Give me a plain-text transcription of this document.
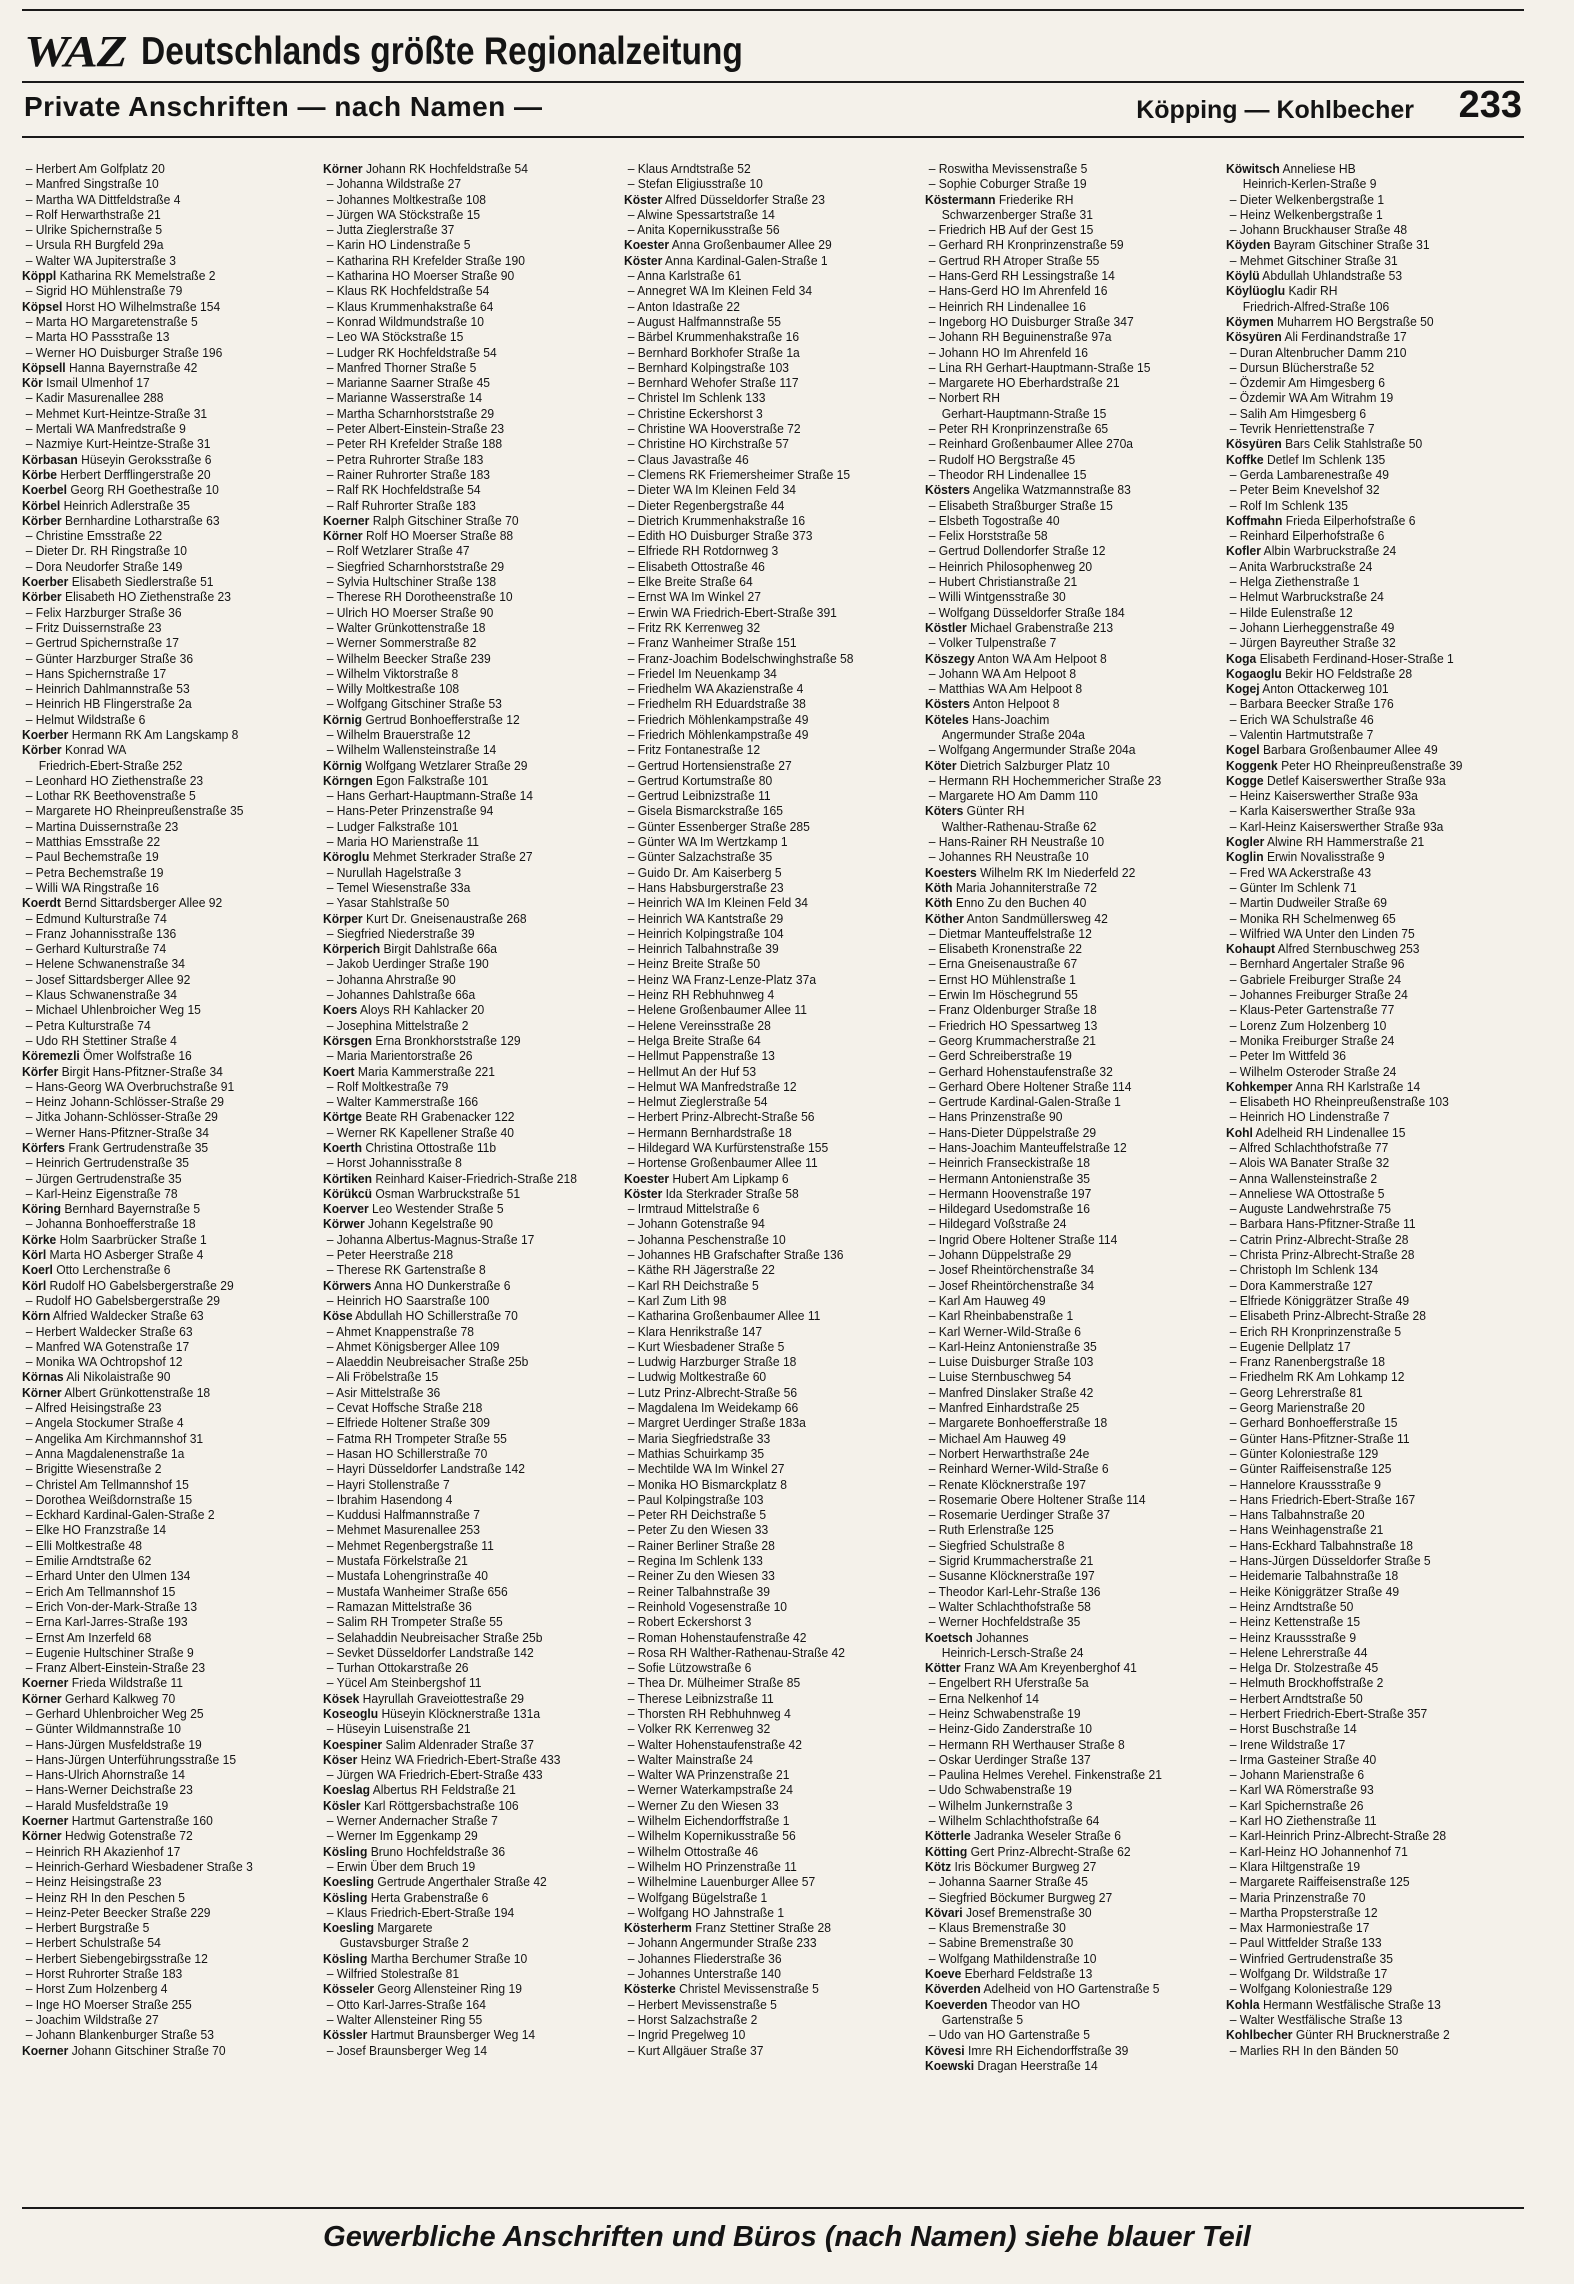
WAZ Deutschlands größte Regionalzeitung
Private Anschriften — nach Namen —	Köpping — Kohlbecher 233
– Herbert Am Golfplatz 20
– Manfred Singstraße 10
– Martha WA Dittfeldstraße 4
– Rolf Herwarthstraße 21
– Ulrike Spichernstraße 5
– Ursula RH Burgfeld 29a
– Walter WA Jupiterstraße 3
Köppl Katharina RK Memelstraße 2
– Sigrid HO Mühlenstraße 79
Köpsel Horst HO Wilhelmstraße 154
– Marta HO Margaretenstraße 5
– Marta HO Passstraße 13
– Werner HO Duisburger Straße 196
Köpsell Hanna Bayernstraße 42
Kör Ismail Ulmenhof 17
– Kadir Masurenallee 288
– Mehmet Kurt-Heintze-Straße 31
– Mertali WA Manfredstraße 9
– Nazmiye Kurt-Heintze-Straße 31
Körbasan Hüseyin Geroksstraße 6
Körbe Herbert Derfflingerstraße 20
Koerbel Georg RH Goethestraße 10
Körbel Heinrich Adlerstraße 35
Körber Bernhardine Lotharstraße 63
– Christine Emsstraße 22
– Dieter Dr. RH Ringstraße 10
– Dora Neudorfer Straße 149
Koerber Elisabeth Siedlerstraße 51
Körber Elisabeth HO Ziethenstraße 23
– Felix Harzburger Straße 36
– Fritz Duissernstraße 23
– Gertrud Spichernstraße 17
– Günter Harzburger Straße 36
– Hans Spichernstraße 17
– Heinrich Dahlmannstraße 53
– Heinrich HB Flingerstraße 2a
– Helmut Wildstraße 6
Koerber Hermann RK Am Langskamp 8
Körber Konrad WA
Friedrich-Ebert-Straße 252
– Leonhard HO Ziethenstraße 23
– Lothar RK Beethovenstraße 5
– Margarete HO Rheinpreußenstraße 35
– Martina Duissernstraße 23
– Matthias Emsstraße 22
– Paul Bechemstraße 19
– Petra Bechemstraße 19
– Willi WA Ringstraße 16
Koerdt Bernd Sittardsberger Allee 92
– Edmund Kulturstraße 74
– Franz Johannisstraße 136
– Gerhard Kulturstraße 74
– Helene Schwanenstraße 34
– Josef Sittardsberger Allee 92
– Klaus Schwanenstraße 34
– Michael Uhlenbroicher Weg 15
– Petra Kulturstraße 74
– Udo RH Stettiner Straße 4
Köremezli Ömer Wolfstraße 16
Körfer Birgit Hans-Pfitzner-Straße 34
– Hans-Georg WA Overbruchstraße 91
– Heinz Johann-Schlösser-Straße 29
– Jitka Johann-Schlösser-Straße 29
– Werner Hans-Pfitzner-Straße 34
Körfers Frank Gertrudenstraße 35
– Heinrich Gertrudenstraße 35
– Jürgen Gertrudenstraße 35
– Karl-Heinz Eigenstraße 78
Köring Bernhard Bayernstraße 5
– Johanna Bonhoefferstraße 18
Körke Holm Saarbrücker Straße 1
Körl Marta HO Asberger Straße 4
Koerl Otto Lerchenstraße 6
Körl Rudolf HO Gabelsbergerstraße 29
– Rudolf HO Gabelsbergerstraße 29
Körn Alfried Waldecker Straße 63
– Herbert Waldecker Straße 63
– Manfred WA Gotenstraße 17
– Monika WA Ochtropshof 12
Körnas Ali Nikolaistraße 90
Körner Albert Grünkottenstraße 18
– Alfred Heisingstraße 23
– Angela Stockumer Straße 4
– Angelika Am Kirchmannshof 31
– Anna Magdalenenstraße 1a
– Brigitte Wiesenstraße 2
– Christel Am Tellmannshof 15
– Dorothea Weißdornstraße 15
– Eckhard Kardinal-Galen-Straße 2
– Elke HO Franzstraße 14
– Elli Moltkestraße 48
– Emilie Arndtstraße 62
– Erhard Unter den Ulmen 134
– Erich Am Tellmannshof 15
– Erich Von-der-Mark-Straße 13
– Erna Karl-Jarres-Straße 193
– Ernst Am Inzerfeld 68
– Eugenie Hultschiner Straße 9
– Franz Albert-Einstein-Straße 23
Koerner Frieda Wildstraße 11
Körner Gerhard Kalkweg 70
– Gerhard Uhlenbroicher Weg 25
– Günter Wildmannstraße 10
– Hans-Jürgen Musfeldstraße 19
– Hans-Jürgen Unterführungsstraße 15
– Hans-Ulrich Ahornstraße 14
– Hans-Werner Deichstraße 23
– Harald Musfeldstraße 19
Koerner Hartmut Gartenstraße 160
Körner Hedwig Gotenstraße 72
– Heinrich RH Akazienhof 17
– Heinrich-Gerhard Wiesbadener Straße 3
– Heinz Heisingstraße 23
– Heinz RH In den Peschen 5
– Heinz-Peter Beecker Straße 229
– Herbert Burgstraße 5
– Herbert Schulstraße 54
– Herbert Siebengebirgsstraße 12
– Horst Ruhrorter Straße 183
– Horst Zum Holzenberg 4
– Inge HO Moerser Straße 255
– Joachim Wildstraße 27
– Johann Blankenburger Straße 53
Koerner Johann Gitschiner Straße 70
Körner Johann RK Hochfeldstraße 54
– Johanna Wildstraße 27
– Johannes Moltkestraße 108
– Jürgen WA Stöckstraße 15
– Jutta Zieglerstraße 37
– Karin HO Lindenstraße 5
– Katharina RH Krefelder Straße 190
– Katharina HO Moerser Straße 90
– Klaus RK Hochfeldstraße 54
– Klaus Krummenhakstraße 64
– Konrad Wildmundstraße 10
– Leo WA Stöckstraße 15
– Ludger RK Hochfeldstraße 54
– Manfred Thorner Straße 5
– Marianne Saarner Straße 45
– Marianne Wasserstraße 14
– Martha Scharnhorststraße 29
– Peter Albert-Einstein-Straße 23
– Peter RH Krefelder Straße 188
– Petra Ruhrorter Straße 183
– Rainer Ruhrorter Straße 183
– Ralf RK Hochfeldstraße 54
– Ralf Ruhrorter Straße 183
Koerner Ralph Gitschiner Straße 70
Körner Rolf HO Moerser Straße 88
– Rolf Wetzlarer Straße 47
– Siegfried Scharnhorststraße 29
– Sylvia Hultschiner Straße 138
– Therese RH Dorotheenstraße 10
– Ulrich HO Moerser Straße 90
– Walter Grünkottenstraße 18
– Werner Sommerstraße 82
– Wilhelm Beecker Straße 239
– Wilhelm Viktorstraße 8
– Willy Moltkestraße 108
– Wolfgang Gitschiner Straße 53
Körnig Gertrud Bonhoefferstraße 12
– Wilhelm Brauerstraße 12
– Wilhelm Wallensteinstraße 14
Körnig Wolfgang Wetzlarer Straße 29
Körngen Egon Falkstraße 101
– Hans Gerhart-Hauptmann-Straße 14
– Hans-Peter Prinzenstraße 94
– Ludger Falkstraße 101
– Maria HO Marienstraße 11
Köroglu Mehmet Sterkrader Straße 27
– Nurullah Hagelstraße 3
– Temel Wiesenstraße 33a
– Yasar Stahlstraße 50
Körper Kurt Dr. Gneisenaustraße 268
– Siegfried Niederstraße 39
Körperich Birgit Dahlstraße 66a
– Jakob Uerdinger Straße 190
– Johanna Ahrstraße 90
– Johannes Dahlstraße 66a
Koers Aloys RH Kahlacker 20
– Josephina Mittelstraße 2
Körsgen Erna Bronkhorststraße 129
– Maria Marientorstraße 26
Koert Maria Kammerstraße 221
– Rolf Moltkestraße 79
– Walter Kammerstraße 166
Körtge Beate RH Grabenacker 122
– Werner RK Kapellener Straße 40
Koerth Christina Ottostraße 11b
– Horst Johannisstraße 8
Körtiken Reinhard Kaiser-Friedrich-Straße 218
Körükcü Osman Warbruckstraße 51
Koerver Leo Westender Straße 5
Körwer Johann Kegelstraße 90
– Johanna Albertus-Magnus-Straße 17
– Peter Heerstraße 218
– Therese RK Gartenstraße 8
Körwers Anna HO Dunkerstraße 6
– Heinrich HO Saarstraße 100
Köse Abdullah HO Schillerstraße 70
– Ahmet Knappenstraße 78
– Ahmet Königsberger Allee 109
– Alaeddin Neubreisacher Straße 25b
– Ali Fröbelstraße 15
– Asir Mittelstraße 36
– Cevat Hoffsche Straße 218
– Elfriede Holtener Straße 309
– Fatma RH Trompeter Straße 55
– Hasan HO Schillerstraße 70
– Hayri Düsseldorfer Landstraße 142
– Hayri Stollenstraße 7
– Ibrahim Hasendong 4
– Kuddusi Halfmannstraße 7
– Mehmet Masurenallee 253
– Mehmet Regenbergstraße 11
– Mustafa Förkelstraße 21
– Mustafa Lohengrinstraße 40
– Mustafa Wanheimer Straße 656
– Ramazan Mittelstraße 36
– Salim RH Trompeter Straße 55
– Selahaddin Neubreisacher Straße 25b
– Sevket Düsseldorfer Landstraße 142
– Turhan Ottokarstraße 26
– Yücel Am Steinbergshof 11
Kösek Hayrullah Graveiottestraße 29
Koseoglu Hüseyin Klöcknerstraße 131a
– Hüseyin Luisenstraße 21
Koespiner Salim Aldenrader Straße 37
Köser Heinz WA Friedrich-Ebert-Straße 433
– Jürgen WA Friedrich-Ebert-Straße 433
Koeslag Albertus RH Feldstraße 21
Kösler Karl Röttgersbachstraße 106
– Werner Andernacher Straße 7
– Werner Im Eggenkamp 29
Kösling Bruno Hochfeldstraße 36
– Erwin Über dem Bruch 19
Koesling Gertrude Angerthaler Straße 42
Kösling Herta Grabenstraße 6
– Klaus Friedrich-Ebert-Straße 194
Koesling Margarete
Gustavsburger Straße 2
Kösling Martha Berchumer Straße 10
– Wilfried Stolestraße 81
Kösseler Georg Allensteiner Ring 19
– Otto Karl-Jarres-Straße 164
– Walter Allensteiner Ring 55
Kössler Hartmut Braunsberger Weg 14
– Josef Braunsberger Weg 14
– Klaus Arndtstraße 52
– Stefan Eligiusstraße 10
Köster Alfred Düsseldorfer Straße 23
– Alwine Spessartstraße 14
– Anita Kopernikusstraße 56
Koester Anna Großenbaumer Allee 29
Köster Anna Kardinal-Galen-Straße 1
– Anna Karlstraße 61
– Annegret WA Im Kleinen Feld 34
– Anton Idastraße 22
– August Halfmannstraße 55
– Bärbel Krummenhakstraße 16
– Bernhard Borkhofer Straße 1a
– Bernhard Kolpingstraße 103
– Bernhard Wehofer Straße 117
– Christel Im Schlenk 133
– Christine Eckershorst 3
– Christine WA Hooverstraße 72
– Christine HO Kirchstraße 57
– Claus Javastraße 46
– Clemens RK Friemersheimer Straße 15
– Dieter WA Im Kleinen Feld 34
– Dieter Regenbergstraße 44
– Dietrich Krummenhakstraße 16
– Edith HO Duisburger Straße 373
– Elfriede RH Rotdornweg 3
– Elisabeth Ottostraße 46
– Elke Breite Straße 64
– Ernst WA Im Winkel 27
– Erwin WA Friedrich-Ebert-Straße 391
– Fritz RK Kerrenweg 32
– Franz Wanheimer Straße 151
– Franz-Joachim Bodelschwinghstraße 58
– Friedel Im Neuenkamp 34
– Friedhelm WA Akazienstraße 4
– Friedhelm RH Eduardstraße 38
– Friedrich Möhlenkampstraße 49
– Friedrich Möhlenkampstraße 49
– Fritz Fontanestraße 12
– Gertrud Hortensienstraße 27
– Gertrud Kortumstraße 80
– Gertrud Leibnizstraße 11
– Gisela Bismarckstraße 165
– Günter Essenberger Straße 285
– Günter WA Im Wertzkamp 1
– Günter Salzachstraße 35
– Guido Dr. Am Kaiserberg 5
– Hans Habsburgerstraße 23
– Heinrich WA Im Kleinen Feld 34
– Heinrich WA Kantstraße 29
– Heinrich Kolpingstraße 104
– Heinrich Talbahnstraße 39
– Heinz Breite Straße 50
– Heinz WA Franz-Lenze-Platz 37a
– Heinz RH Rebhuhnweg 4
– Helene Großenbaumer Allee 11
– Helene Vereinsstraße 28
– Helga Breite Straße 64
– Hellmut Pappenstraße 13
– Hellmut An der Huf 53
– Helmut WA Manfredstraße 12
– Helmut Zieglerstraße 54
– Herbert Prinz-Albrecht-Straße 56
– Hermann Bernhardstraße 18
– Hildegard WA Kurfürstenstraße 155
– Hortense Großenbaumer Allee 11
Koester Hubert Am Lipkamp 6
Köster Ida Sterkrader Straße 58
– Irmtraud Mittelstraße 6
– Johann Gotenstraße 94
– Johanna Peschenstraße 10
– Johannes HB Grafschafter Straße 136
– Käthe RH Jägerstraße 22
– Karl RH Deichstraße 5
– Karl Zum Lith 98
– Katharina Großenbaumer Allee 11
– Klara Henrikstraße 147
– Kurt Wiesbadener Straße 5
– Ludwig Harzburger Straße 18
– Ludwig Moltkestraße 60
– Lutz Prinz-Albrecht-Straße 56
– Magdalena Im Weidekamp 66
– Margret Uerdinger Straße 183a
– Maria Siegfriedstraße 33
– Mathias Schuirkamp 35
– Mechtilde WA Im Winkel 27
– Monika HO Bismarckplatz 8
– Paul Kolpingstraße 103
– Peter RH Deichstraße 5
– Peter Zu den Wiesen 33
– Rainer Berliner Straße 28
– Regina Im Schlenk 133
– Reiner Zu den Wiesen 33
– Reiner Talbahnstraße 39
– Reinhold Vogesenstraße 10
– Robert Eckershorst 3
– Roman Hohenstaufenstraße 42
– Rosa RH Walther-Rathenau-Straße 42
– Sofie Lützowstraße 6
– Thea Dr. Mülheimer Straße 85
– Therese Leibnizstraße 11
– Thorsten RH Rebhuhnweg 4
– Volker RK Kerrenweg 32
– Walter Hohenstaufenstraße 42
– Walter Mainstraße 24
– Walter WA Prinzenstraße 21
– Werner Waterkampstraße 24
– Werner Zu den Wiesen 33
– Wilhelm Eichendorffstraße 1
– Wilhelm Kopernikusstraße 56
– Wilhelm Ottostraße 46
– Wilhelm HO Prinzenstraße 11
– Wilhelmine Lauenburger Allee 57
– Wolfgang Bügelstraße 1
– Wolfgang HO Jahnstraße 1
Kösterherm Franz Stettiner Straße 28
– Johann Angermunder Straße 233
– Johannes Fliederstraße 36
– Johannes Unterstraße 140
Kösterke Christel Mevissenstraße 5
– Herbert Mevissenstraße 5
– Horst Salzachstraße 2
– Ingrid Pregelweg 10
– Kurt Allgäuer Straße 37
– Roswitha Mevissenstraße 5
– Sophie Coburger Straße 19
Köstermann Friederike RH
Schwarzenberger Straße 31
– Friedrich HB Auf der Gest 15
– Gerhard RH Kronprinzenstraße 59
– Gertrud RH Atroper Straße 55
– Hans-Gerd RH Lessingstraße 14
– Hans-Gerd HO Im Ahrenfeld 16
– Heinrich RH Lindenallee 16
– Ingeborg HO Duisburger Straße 347
– Johann RH Beguinenstraße 97a
– Johann HO Im Ahrenfeld 16
– Lina RH Gerhart-Hauptmann-Straße 15
– Margarete HO Eberhardstraße 21
– Norbert RH
Gerhart-Hauptmann-Straße 15
– Peter RH Kronprinzenstraße 65
– Reinhard Großenbaumer Allee 270a
– Rudolf HO Bergstraße 45
– Theodor RH Lindenallee 15
Kösters Angelika Watzmannstraße 83
– Elisabeth Straßburger Straße 15
– Elsbeth Togostraße 40
– Felix Horststraße 58
– Gertrud Dollendorfer Straße 12
– Heinrich Philosophenweg 20
– Hubert Christianstraße 21
– Willi Wintgensstraße 30
– Wolfgang Düsseldorfer Straße 184
Köstler Michael Grabenstraße 213
– Volker Tulpenstraße 7
Köszegy Anton WA Am Helpoot 8
– Johann WA Am Helpoot 8
– Matthias WA Am Helpoot 8
Kösters Anton Helpoot 8
Köteles Hans-Joachim
Angermunder Straße 204a
– Wolfgang Angermunder Straße 204a
Köter Dietrich Salzburger Platz 10
– Hermann RH Hochemmericher Straße 23
– Margarete HO Am Damm 110
Köters Günter RH
Walther-Rathenau-Straße 62
– Hans-Rainer RH Neustraße 10
– Johannes RH Neustraße 10
Koesters Wilhelm RK Im Niederfeld 22
Köth Maria Johanniterstraße 72
Köth Enno Zu den Buchen 40
Köther Anton Sandmüllersweg 42
– Dietmar Manteuffelstraße 12
– Elisabeth Kronenstraße 22
– Erna Gneisenaustraße 67
– Ernst HO Mühlenstraße 1
– Erwin Im Höschegrund 55
– Franz Oldenburger Straße 18
– Friedrich HO Spessartweg 13
– Georg Krummacherstraße 21
– Gerd Schreiberstraße 19
– Gerhard Hohenstaufenstraße 32
– Gerhard Obere Holtener Straße 114
– Gertrude Kardinal-Galen-Straße 1
– Hans Prinzenstraße 90
– Hans-Dieter Düppelstraße 29
– Hans-Joachim Manteuffelstraße 12
– Heinrich Franseckistraße 18
– Hermann Antonienstraße 35
– Hermann Hoovenstraße 197
– Hildegard Usedomstraße 16
– Hildegard Voßstraße 24
– Ingrid Obere Holtener Straße 114
– Johann Düppelstraße 29
– Josef Rheintörchenstraße 34
– Josef Rheintörchenstraße 34
– Karl Am Hauweg 49
– Karl Rheinbabenstraße 1
– Karl Werner-Wild-Straße 6
– Karl-Heinz Antonienstraße 35
– Luise Duisburger Straße 103
– Luise Sternbuschweg 54
– Manfred Dinslaker Straße 42
– Manfred Einhardstraße 25
– Margarete Bonhoefferstraße 18
– Michael Am Hauweg 49
– Norbert Herwarthstraße 24e
– Reinhard Werner-Wild-Straße 6
– Renate Klöcknerstraße 197
– Rosemarie Obere Holtener Straße 114
– Rosemarie Uerdinger Straße 37
– Ruth Erlenstraße 125
– Siegfried Schulstraße 8
– Sigrid Krummacherstraße 21
– Susanne Klöcknerstraße 197
– Theodor Karl-Lehr-Straße 136
– Walter Schlachthofstraße 58
– Werner Hochfeldstraße 35
Koetsch Johannes
Heinrich-Lersch-Straße 24
Kötter Franz WA Am Kreyenberghof 41
– Engelbert RH Uferstraße 5a
– Erna Nelkenhof 14
– Heinz Schwabenstraße 19
– Heinz-Gido Zanderstraße 10
– Hermann RH Werthauser Straße 8
– Oskar Uerdinger Straße 137
– Paulina Helmes Verehel. Finkenstraße 21
– Udo Schwabenstraße 19
– Wilhelm Junkernstraße 3
– Wilhelm Schlachthofstraße 64
Kötterle Jadranka Weseler Straße 6
Kötting Gert Prinz-Albrecht-Straße 62
Kötz Iris Böckumer Burgweg 27
– Johanna Saarner Straße 45
– Siegfried Böckumer Burgweg 27
Kövari Josef Bremenstraße 30
– Klaus Bremenstraße 30
– Sabine Bremenstraße 30
– Wolfgang Mathildenstraße 10
Koeve Eberhard Feldstraße 13
Köverden Adelheid von HO Gartenstraße 5
Koeverden Theodor van HO
Gartenstraße 5
– Udo van HO Gartenstraße 5
Kövesi Imre RH Eichendorffstraße 39
Koewski Dragan Heerstraße 14
Köwitsch Anneliese HB
Heinrich-Kerlen-Straße 9
– Dieter Welkenbergstraße 1
– Heinz Welkenbergstraße 1
– Johann Bruckhauser Straße 48
Köyden Bayram Gitschiner Straße 31
– Mehmet Gitschiner Straße 31
Köylü Abdullah Uhlandstraße 53
Köylüoglu Kadir RH
Friedrich-Alfred-Straße 106
Köymen Muharrem HO Bergstraße 50
Kösyüren Ali Ferdinandstraße 17
– Duran Altenbrucher Damm 210
– Dursun Blücherstraße 52
– Özdemir Am Himgesberg 6
– Özdemir WA Am Witrahm 19
– Salih Am Himgesberg 6
– Tevrik Henriettenstraße 7
Kösyüren Bars Celik Stahlstraße 50
Koffke Detlef Im Schlenk 135
– Gerda Lambarenestraße 49
– Peter Beim Knevelshof 32
– Rolf Im Schlenk 135
Koffmahn Frieda Eilperhofstraße 6
– Reinhard Eilperhofstraße 6
Kofler Albin Warbruckstraße 24
– Anita Warbruckstraße 24
– Helga Ziethenstraße 1
– Helmut Warbruckstraße 24
– Hilde Eulenstraße 12
– Johann Lierheggenstraße 49
– Jürgen Bayreuther Straße 32
Koga Elisabeth Ferdinand-Hoser-Straße 1
Kogaoglu Bekir HO Feldstraße 28
Kogej Anton Ottackerweg 101
– Barbara Beecker Straße 176
– Erich WA Schulstraße 46
– Valentin Hartmutstraße 7
Kogel Barbara Großenbaumer Allee 49
Koggenk Peter HO Rheinpreußenstraße 39
Kogge Detlef Kaiserswerther Straße 93a
– Heinz Kaiserswerther Straße 93a
– Karla Kaiserswerther Straße 93a
– Karl-Heinz Kaiserswerther Straße 93a
Kogler Alwine RH Hammerstraße 21
Koglin Erwin Novalisstraße 9
– Fred WA Ackerstraße 43
– Günter Im Schlenk 71
– Martin Dudweiler Straße 69
– Monika RH Schelmenweg 65
– Wilfried WA Unter den Linden 75
Kohaupt Alfred Sternbuschweg 253
– Bernhard Angertaler Straße 96
– Gabriele Freiburger Straße 24
– Johannes Freiburger Straße 24
– Klaus-Peter Gartenstraße 77
– Lorenz Zum Holzenberg 10
– Monika Freiburger Straße 24
– Peter Im Wittfeld 36
– Wilhelm Osteroder Straße 24
Kohkemper Anna RH Karlstraße 14
– Elisabeth HO Rheinpreußenstraße 103
– Heinrich HO Lindenstraße 7
Kohl Adelheid RH Lindenallee 15
– Alfred Schlachthofstraße 77
– Alois WA Banater Straße 32
– Anna Wallensteinstraße 2
– Anneliese WA Ottostraße 5
– Auguste Landwehrstraße 75
– Barbara Hans-Pfitzner-Straße 11
– Catrin Prinz-Albrecht-Straße 28
– Christa Prinz-Albrecht-Straße 28
– Christoph Im Schlenk 134
– Dora Kammerstraße 127
– Elfriede Königgrätzer Straße 49
– Elisabeth Prinz-Albrecht-Straße 28
– Erich RH Kronprinzenstraße 5
– Eugenie Dellplatz 17
– Franz Ranenbergstraße 18
– Friedhelm RK Am Lohkamp 12
– Georg Lehrerstraße 81
– Georg Marienstraße 20
– Gerhard Bonhoefferstraße 15
– Günter Hans-Pfitzner-Straße 11
– Günter Koloniestraße 129
– Günter Raiffeisenstraße 125
– Hannelore Kraussstraße 9
– Hans Friedrich-Ebert-Straße 167
– Hans Talbahnstraße 20
– Hans Weinhagenstraße 21
– Hans-Eckhard Talbahnstraße 18
– Hans-Jürgen Düsseldorfer Straße 5
– Heidemarie Talbahnstraße 18
– Heike Königgrätzer Straße 49
– Heinz Arndtstraße 50
– Heinz Kettenstraße 15
– Heinz Kraussstraße 9
– Helene Lehrerstraße 44
– Helga Dr. Stolzestraße 45
– Helmuth Brockhoffstraße 2
– Herbert Arndtstraße 50
– Herbert Friedrich-Ebert-Straße 357
– Horst Buschstraße 14
– Irene Wildstraße 17
– Irma Gasteiner Straße 40
– Johann Marienstraße 6
– Karl WA Römerstraße 93
– Karl Spichernstraße 26
– Karl HO Ziethenstraße 11
– Karl-Heinrich Prinz-Albrecht-Straße 28
– Karl-Heinz HO Johannenhof 71
– Klara Hiltgenstraße 19
– Margarete Raiffeisenstraße 125
– Maria Prinzenstraße 70
– Martha Propsterstraße 12
– Max Harmoniestraße 17
– Paul Wittfelder Straße 133
– Winfried Gertrudenstraße 35
– Wolfgang Dr. Wildstraße 17
– Wolfgang Koloniestraße 129
Kohla Hermann Westfälische Straße 13
– Walter Westfälische Straße 13
Kohlbecher Günter RH Brucknerstraße 2
– Marlies RH In den Bänden 50
Gewerbliche Anschriften und Büros (nach Namen) siehe blauer Teil
